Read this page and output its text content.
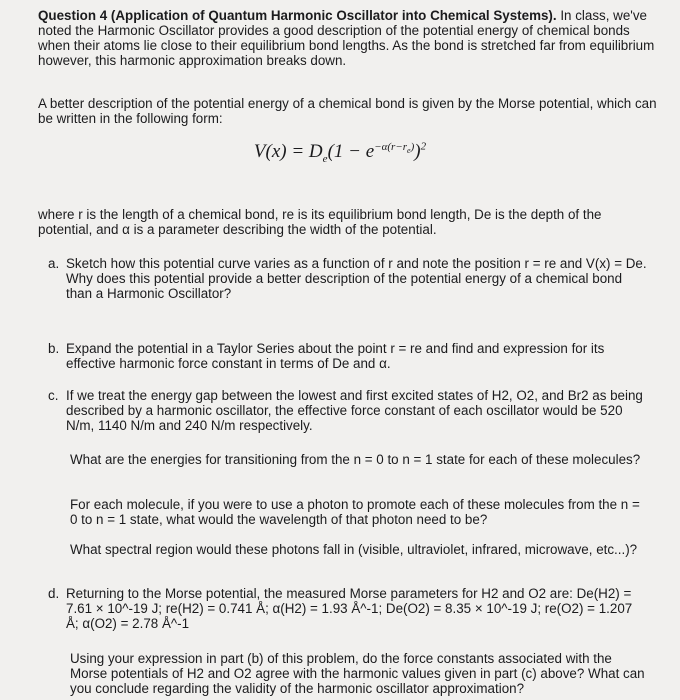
Question 4 (Application of Quantum Harmonic Oscillator into Chemical Systems). In class, we've noted the Harmonic Oscillator provides a good description of the potential energy of chemical bonds when their atoms lie close to their equilibrium bond lengths. As the bond is stretched far from equilibrium however, this harmonic approximation breaks down.
A better description of the potential energy of a chemical bond is given by the Morse potential, which can be written in the following form:
$V(x) = D_e(1 - e^{-\alpha(r-r_e)})^2$
where r is the length of a chemical bond, re is its equilibrium bond length, De is the depth of the potential, and α is a parameter describing the width of the potential.
a. Sketch how this potential curve varies as a function of r and note the position r = re and V(x) = De. Why does this potential provide a better description of the potential energy of a chemical bond than a Harmonic Oscillator?
b. Expand the potential in a Taylor Series about the point r = re and find and expression for its effective harmonic force constant in terms of De and α.
c. If we treat the energy gap between the lowest and first excited states of H2, O2, and Br2 as being described by a harmonic oscillator, the effective force constant of each oscillator would be 520 N/m, 1140 N/m and 240 N/m respectively.
What are the energies for transitioning from the n = 0 to n = 1 state for each of these molecules?
For each molecule, if you were to use a photon to promote each of these molecules from the n = 0 to n = 1 state, what would the wavelength of that photon need to be?
What spectral region would these photons fall in (visible, ultraviolet, infrared, microwave, etc...)?
d. Returning to the Morse potential, the measured Morse parameters for H2 and O2 are: De(H2) = 7.61 × 10^-19 J; re(H2) = 0.741 Å; α(H2) = 1.93 Å^-1; De(O2) = 8.35 × 10^-19 J; re(O2) = 1.207 Å; α(O2) = 2.78 Å^-1
Using your expression in part (b) of this problem, do the force constants associated with the Morse potentials of H2 and O2 agree with the harmonic values given in part (c) above? What can you conclude regarding the validity of the harmonic oscillator approximation?
